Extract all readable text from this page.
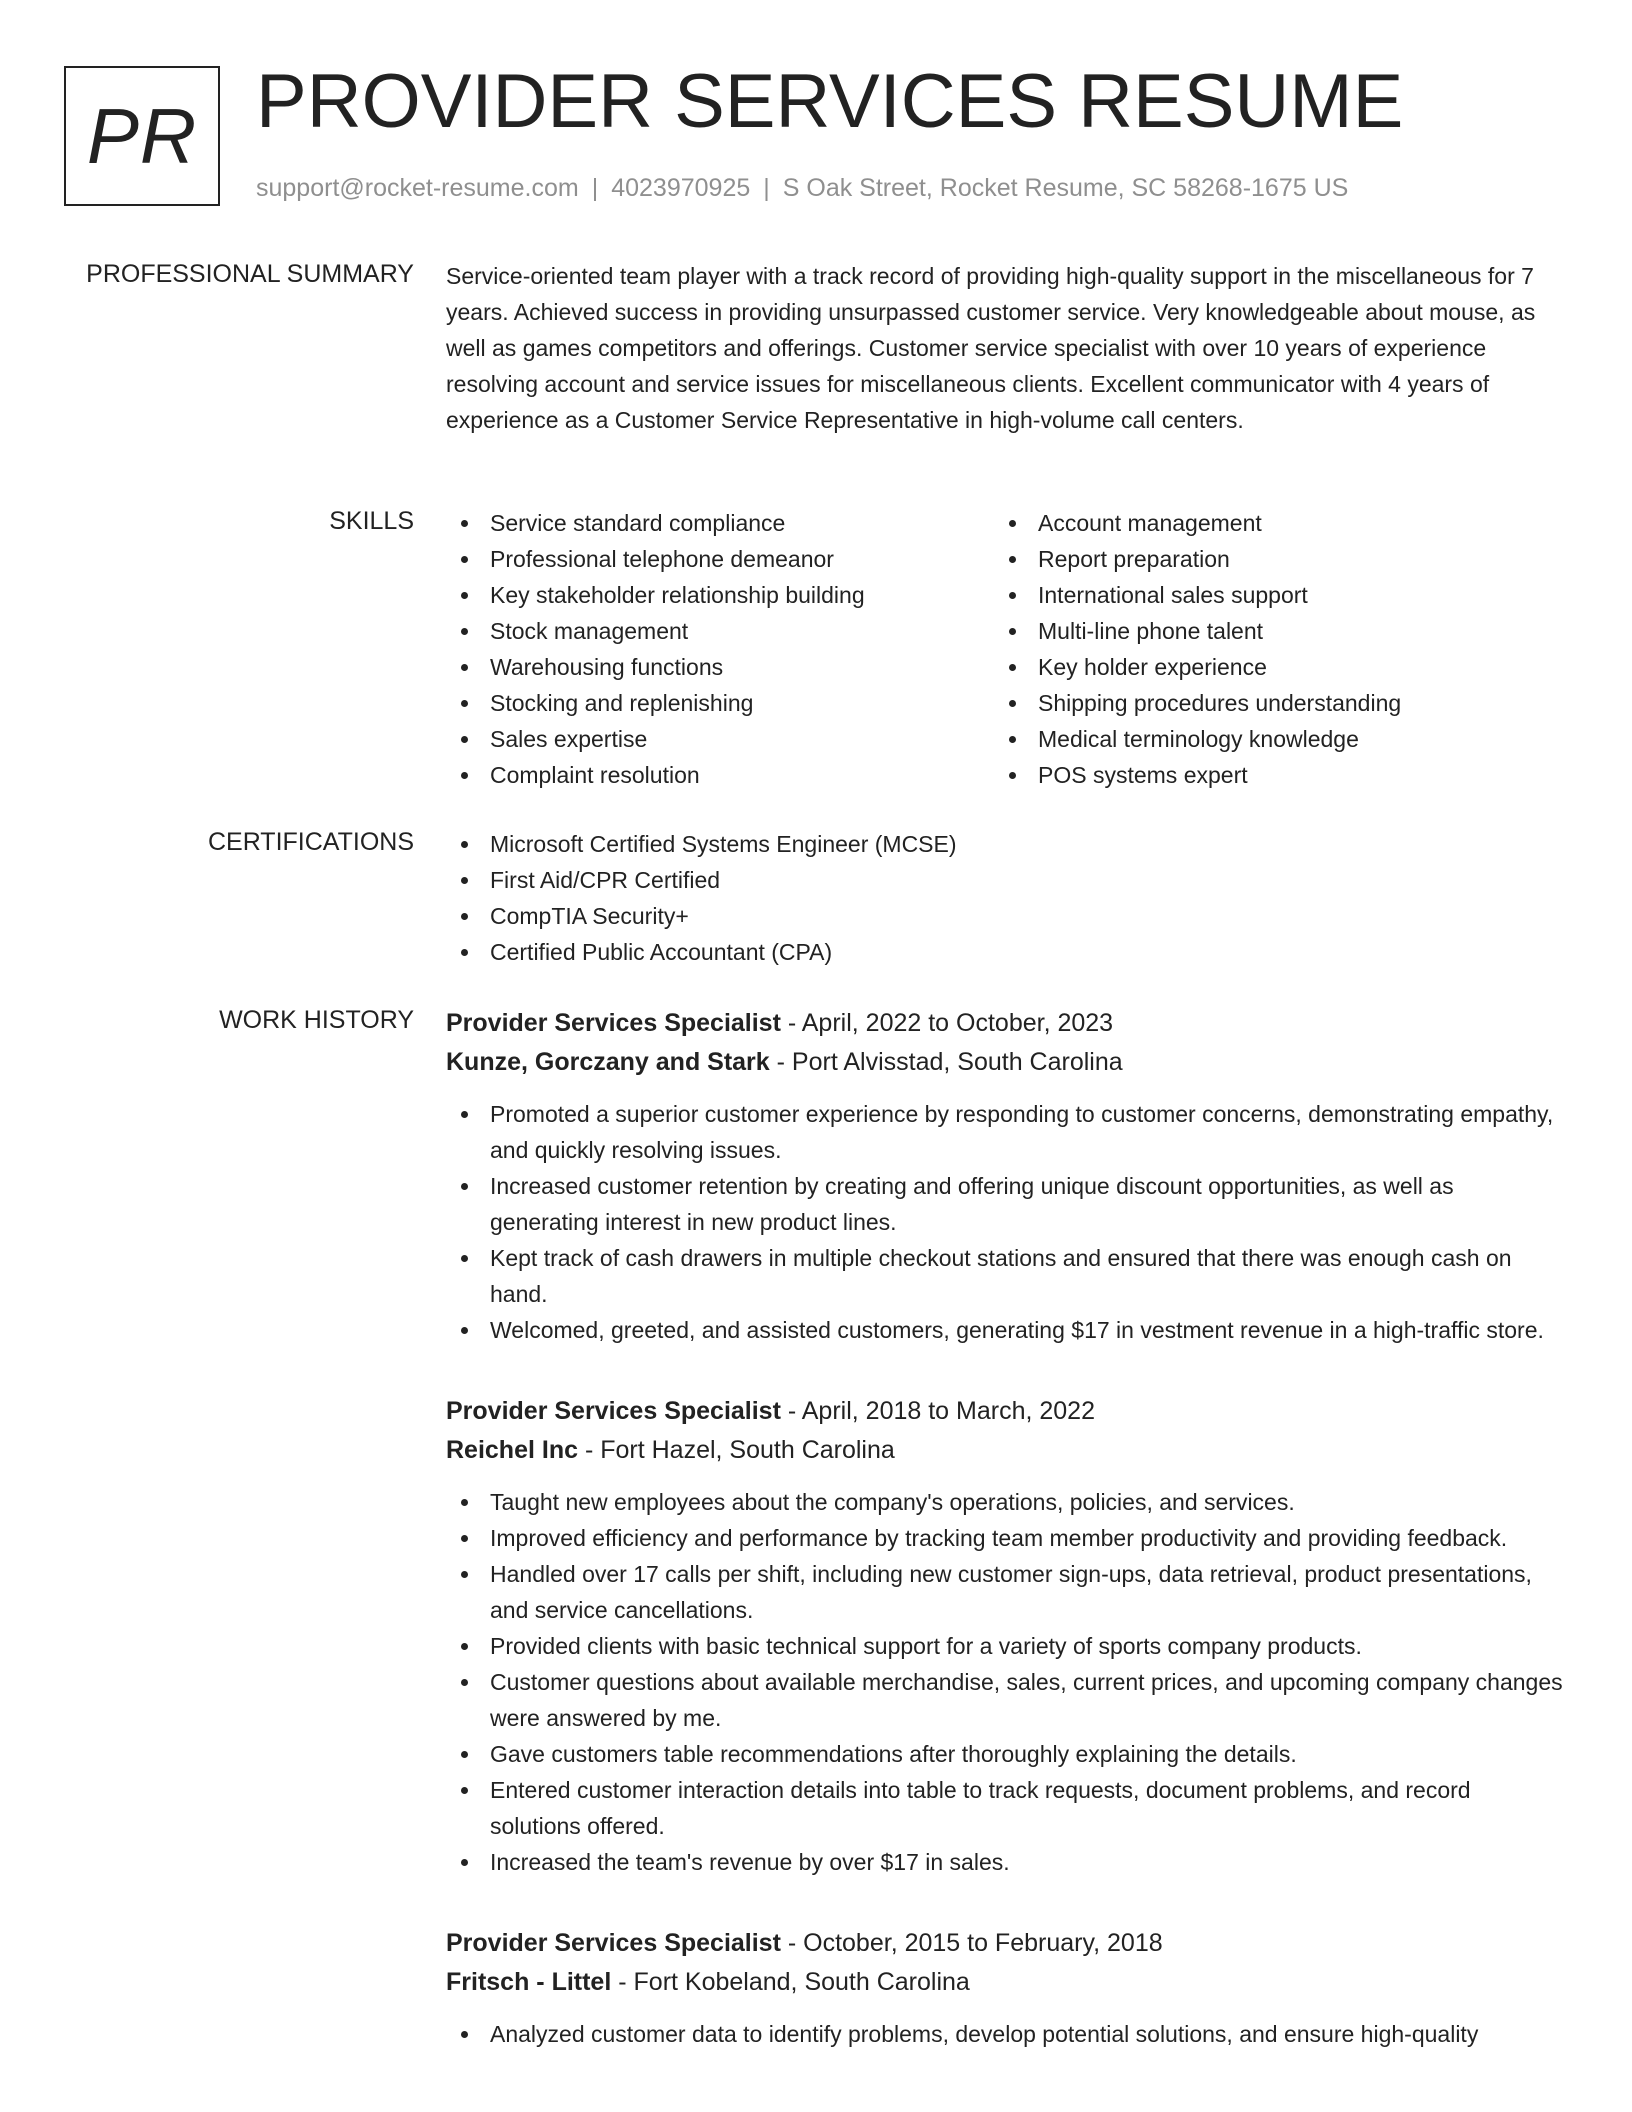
PR PROVIDER SERVICES RESUME
support@rocket-resume.com | 4023970925 | S Oak Street, Rocket Resume, SC 58268-1675 US
PROFESSIONAL SUMMARY Service-oriented team player with a track record of providing high-quality support in the miscellaneous for 7 years. Achieved success in providing unsurpassed customer service. Very knowledgeable about mouse, as well as games competitors and offerings. Customer service specialist with over 10 years of experience resolving account and service issues for miscellaneous clients. Excellent communicator with 4 years of experience as a Customer Service Representative in high-volume call centers.

SKILLS	Service standard compliance
Professional telephone demeanor
Key stakeholder relationship building
Stock management
Warehousing functions
Stocking and replenishing
Sales expertise
Complaint resolution
Account management
Report preparation
International sales support
Multi-line phone talent
Key holder experience
Shipping procedures understanding
Medical terminology knowledge
POS systems expert
CERTIFICATIONS	Microsoft Certified Systems Engineer (MCSE)
First Aid/CPR Certified
CompTIA Security+
Certified Public Accountant (CPA)
WORK HISTORY Provider Services Specialist - April, 2022 to October, 2023
Kunze, Gorczany and Stark - Port Alvisstad, South Carolina
Promoted a superior customer experience by responding to customer concerns, demonstrating empathy, and quickly resolving issues.
Increased customer retention by creating and offering unique discount opportunities, as well as generating interest in new product lines.
Kept track of cash drawers in multiple checkout stations and ensured that there was enough cash on hand.
Welcomed, greeted, and assisted customers, generating $17 in vestment revenue in a high-traffic store.
Provider Services Specialist - April, 2018 to March, 2022
Reichel Inc - Fort Hazel, South Carolina
Taught new employees about the company's operations, policies, and services.
Improved efficiency and performance by tracking team member productivity and providing feedback.
Handled over 17 calls per shift, including new customer sign-ups, data retrieval, product presentations, and service cancellations.
Provided clients with basic technical support for a variety of sports company products.
Customer questions about available merchandise, sales, current prices, and upcoming company changes were answered by me.
Gave customers table recommendations after thoroughly explaining the details.
Entered customer interaction details into table to track requests, document problems, and record solutions offered.
Increased the team's revenue by over $17 in sales.
Provider Services Specialist - October, 2015 to February, 2018
Fritsch - Littel - Fort Kobeland, South Carolina
Analyzed customer data to identify problems, develop potential solutions, and ensure high-quality
